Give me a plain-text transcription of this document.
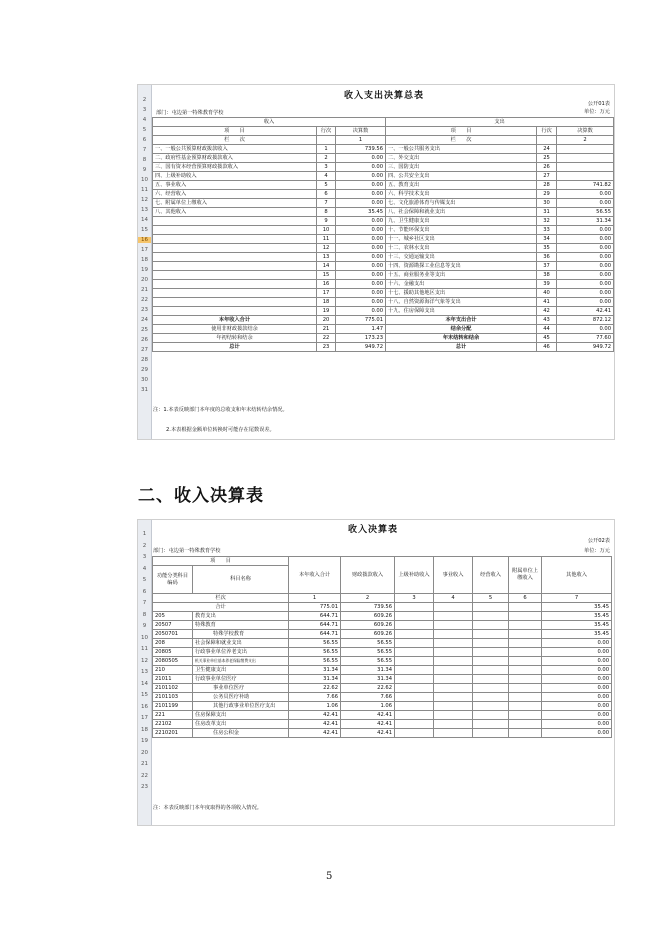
2
3
4
5
6
7
8
9
10
11
12
13
14
15
16
17
18
19
20
21
22
23
24
25
26
27
28
29
30
31
收入支出决算总表
公开01表
部门：屯边第一特殊教育学校	单位：万元
收入			支出		
项　　目	行次	决算数	项　　目	行次	决算数
栏　　次		1	栏　　次		2
一、一般公共预算财政拨款收入	1	739.56	一、一般公共服务支出	24	
二、政府性基金预算财政拨款收入	2	0.00	二、外交支出	25	
三、国有资本经营预算财政拨款收入	3	0.00	三、国防支出	26	
四、上级补助收入	4	0.00	四、公共安全支出	27	
五、事业收入	5	0.00	五、教育支出	28	741.82
六、经营收入	6	0.00	六、科学技术支出	29	0.00
七、附属单位上缴收入	7	0.00	七、文化旅游体育与传媒支出	30	0.00
八、其他收入	8	35.45	八、社会保障和就业支出	31	56.55
	9	0.00	九、卫生健康支出	32	31.34
	10	0.00	十、节能环保支出	33	0.00
	11	0.00	十一、城乡社区支出	34	0.00
	12	0.00	十二、农林水支出	35	0.00
	13	0.00	十三、交通运输支出	36	0.00
	14	0.00	十四、资源勘探工业信息等支出	37	0.00
	15	0.00	十五、商业服务业等支出	38	0.00
	16	0.00	十六、金融支出	39	0.00
	17	0.00	十七、援助其他地区支出	40	0.00
	18	0.00	十八、自然资源海洋气象等支出	41	0.00
	19	0.00	十九、住房保障支出	42	42.41
本年收入合计	20	775.01	本年支出合计	43	872.12
使用非财政拨款结余	21	1.47	结余分配	44	0.00
年初结转和结余	22	173.23	年末结转和结余	45	77.60
总计	23	949.72	总计	46	949.72
注：1.本表反映部门本年度的总收支和年末结转结余情况。
2.本表根据金额单位转换时可能存在尾数误差。
二、收入决算表
1
2
3
4
5
6
7
8
9
10
11
12
13
14
15
16
17
18
19
20
21
22
23
收入决算表
公开02表
部门：屯边第一特殊教育学校	单位：万元
项　　目		本年收入合计	财政拨款收入	上级补助收入	事业收入	经营收入	附属单位上缴收入	其他收入
功能分类科目编码	科目名称							
栏次		1	2	3	4	5	6	7
合计		775.01	739.56					35.45
205	教育支出	644.71	609.26					35.45
20507	特殊教育	644.71	609.26					35.45
2050701	特殊学校教育	644.71	609.26					35.45
208	社会保障和就业支出	56.55	56.55					0.00
20805	行政事业单位养老支出	56.55	56.55					0.00
2080505	机关事业单位基本养老保险缴费支出	56.55	56.55					0.00
210	卫生健康支出	31.34	31.34					0.00
21011	行政事业单位医疗	31.34	31.34					0.00
2101102	事业单位医疗	22.62	22.62					0.00
2101103	公务员医疗补助	7.66	7.66					0.00
2101199	其他行政事业单位医疗支出	1.06	1.06					0.00
221	住房保障支出	42.41	42.41					0.00
22102	住房改革支出	42.41	42.41					0.00
2210201	住房公积金	42.41	42.41					0.00
注：本表反映部门本年度取得的各项收入情况。
5
